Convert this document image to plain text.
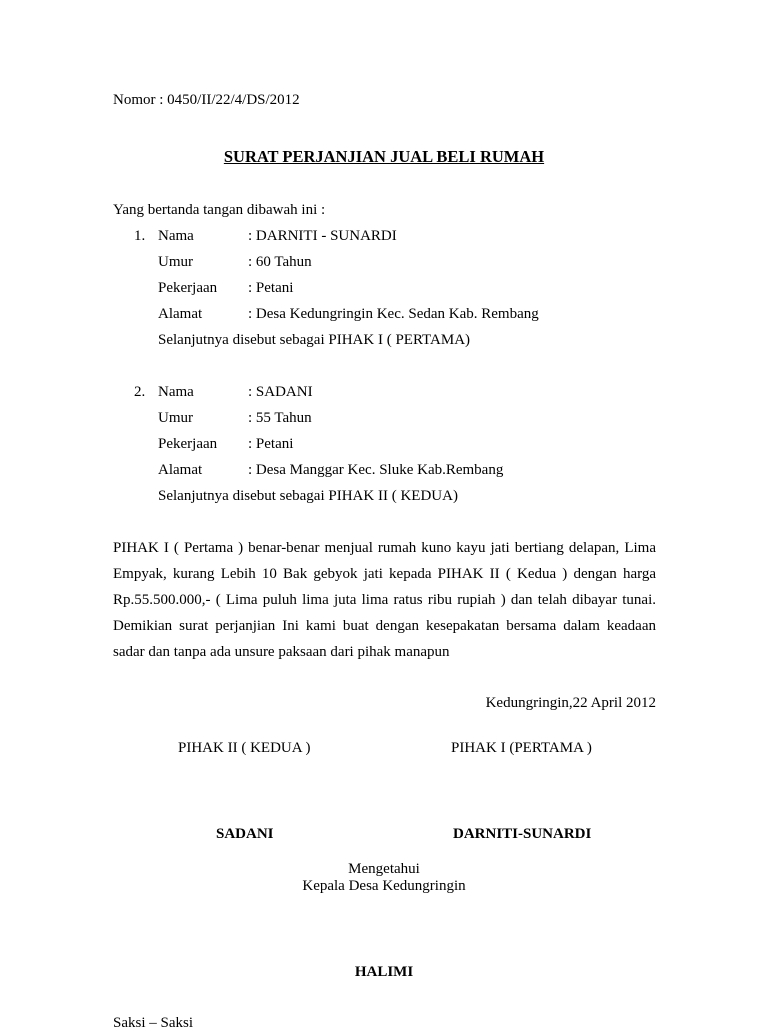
Nomor : 0450/II/22/4/DS/2012
SURAT PERJANJIAN JUAL BELI RUMAH
Yang bertanda tangan dibawah ini :
1. Nama	: DARNITI - SUNARDI
Umur	: 60 Tahun
Pekerjaan : Petani
Alamat	: Desa Kedungringin Kec. Sedan Kab. Rembang
Selanjutnya disebut sebagai PIHAK I ( PERTAMA)
2. Nama	: SADANI
Umur	: 55 Tahun
Pekerjaan : Petani
Alamat	: Desa Manggar Kec. Sluke Kab.Rembang
Selanjutnya disebut sebagai PIHAK II ( KEDUA)
PIHAK I ( Pertama ) benar-benar menjual rumah kuno kayu jati bertiang delapan, Lima
Empyak, kurang Lebih 10 Bak gebyok jati kepada PIHAK II ( Kedua ) dengan harga
Rp.55.500.000,- ( Lima puluh lima juta lima ratus ribu rupiah ) dan telah dibayar tunai.
Demikian surat perjanjian Ini kami buat dengan kesepakatan bersama dalam keadaan
sadar dan tanpa ada unsure paksaan dari pihak manapun
Kedungringin,22 April 2012
PIHAK II ( KEDUA )	PIHAK I (PERTAMA )
SADANI	DARNITI-SUNARDI
Mengetahui
Kepala Desa Kedungringin
HALIMI
Saksi – Saksi
